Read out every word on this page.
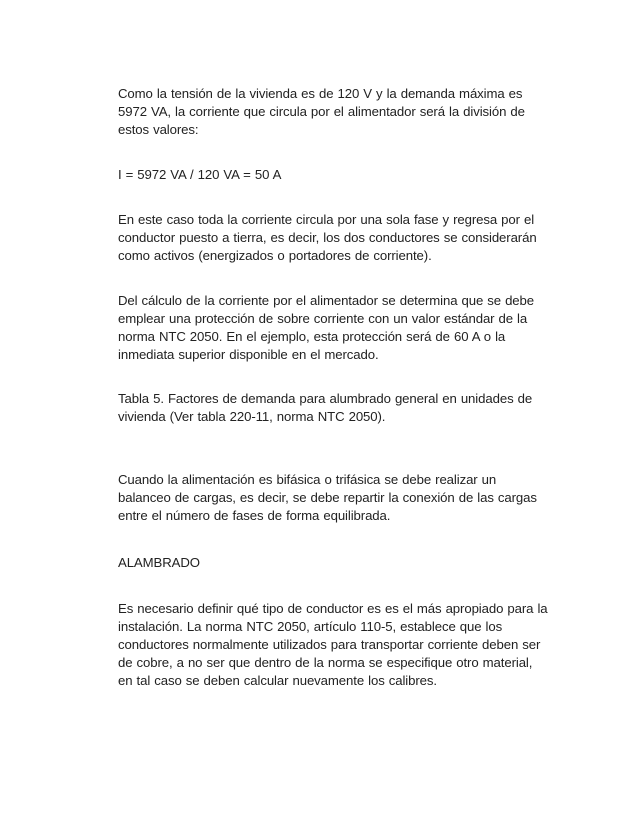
Como la tensión de la vivienda es de 120 V y la demanda máxima es 5972 VA, la corriente que circula por el alimentador será la división de estos valores:

I = 5972 VA / 120 VA = 50 A

En este caso toda la corriente circula por una sola fase y regresa por el conductor puesto a tierra, es decir, los dos conductores se considerarán como activos (energizados o portadores de corriente).

Del cálculo de la corriente por el alimentador se determina que se debe emplear una protección de sobre corriente con un valor estándar de la norma NTC 2050. En el ejemplo, esta protección será de 60 A o la inmediata superior disponible en el mercado.

Tabla 5. Factores de demanda para alumbrado general en unidades de vivienda (Ver tabla 220-11, norma NTC 2050).

Cuando la alimentación es bifásica o trifásica se debe realizar un balanceo de cargas, es decir, se debe repartir la conexión de las cargas entre el número de fases de forma equilibrada.

ALAMBRADO

Es necesario definir qué tipo de conductor es es el más apropiado para la instalación. La norma NTC 2050, artículo 110-5, establece que los conductores normalmente utilizados para transportar corriente deben ser de cobre, a no ser que dentro de la norma se especifique otro material, en tal caso se deben calcular nuevamente los calibres.
